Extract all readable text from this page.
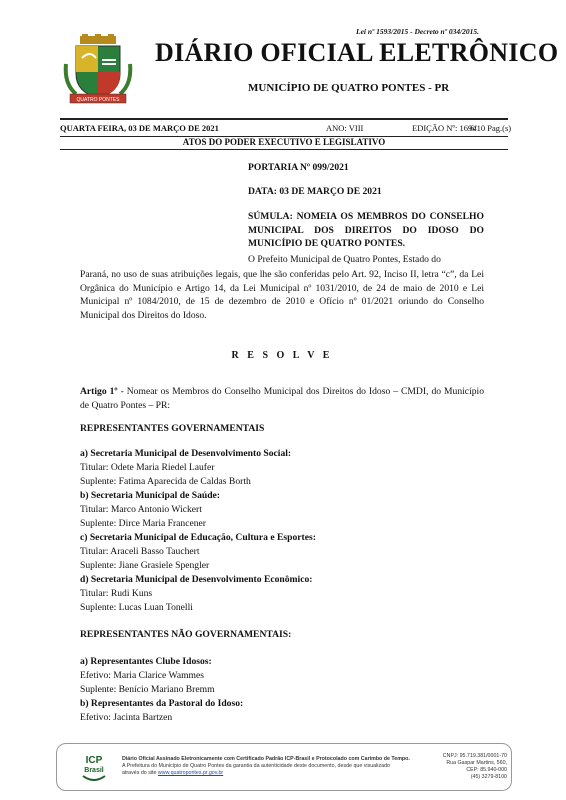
Lei nº 1593/2015 - Decreto nº 034/2015.
QUATRO PONTES
DIÁRIO OFICIAL ELETRÔNICO
MUNICÍPIO DE QUATRO PONTES - PR
QUARTA FEIRA, 03 DE MARÇO DE 2021	ANO: VIII	EDIÇÃO Nº: 1694
6/10 Pag.(s)
ATOS DO PODER EXECUTIVO E LEGISLATIVO
PORTARIA Nº 099/2021
DATA: 03 DE MARÇO DE 2021
SÚMULA: NOMEIA OS MEMBROS DO CONSELHO MUNICIPAL DOS DIREITOS DO IDOSO DO MUNICÍPIO DE QUATRO PONTES.
O Prefeito Municipal de Quatro Pontes, Estado do
Paraná, no uso de suas atribuições legais, que lhe são conferidas pelo Art. 92, Inciso II, letra “c”, da Lei Orgânica do Município e Artigo 14, da Lei Municipal nº 1031/2010, de 24 de maio de 2010 e Lei Municipal nº 1084/2010, de 15 de dezembro de 2010 e Ofício nº 01/2021 oriundo do Conselho Municipal dos Direitos do Idoso.
R E S O L V E
Artigo 1º - Nomear os Membros do Conselho Municipal dos Direitos do Idoso – CMDI, do Município de Quatro Pontes – PR:
REPRESENTANTES GOVERNAMENTAIS
a) Secretaria Municipal de Desenvolvimento Social:
Titular: Odete Maria Riedel Laufer
Suplente: Fatima Aparecida de Caldas Borth
b) Secretaria Municipal de Saúde:
Titular: Marco Antonio Wickert
Suplente: Dirce Maria Francener
c) Secretaria Municipal de Educação, Cultura e Esportes:
Titular: Araceli Basso Tauchert
Suplente: Jiane Grasiele Spengler
d) Secretaria Municipal de Desenvolvimento Econômico:
Titular: Rudi Kuns
Suplente: Lucas Luan Tonelli
REPRESENTANTES NÃO GOVERNAMENTAIS:
a) Representantes Clube Idosos:
Efetivo: Maria Clarice Wammes
Suplente: Benício Mariano Bremm
b) Representantes da Pastoral do Idoso:
Efetivo: Jacinta Bartzen
ICP
Brasil
Diário Oficial Assinado Eletronicamente com Certificado Padrão ICP-Brasil e Protocolado com Carimbo de Tempo.
A Prefeitura do Município de Quatro Pontes da garantia da autenticidade deste documento, desde que visualizado
através do site www.quatropontes.pr.gov.br
CNPJ: 95.719.381/0001-70
Rua Gaspar Martins, 560,
CEP: 85.940-000
(45) 3279-8100
